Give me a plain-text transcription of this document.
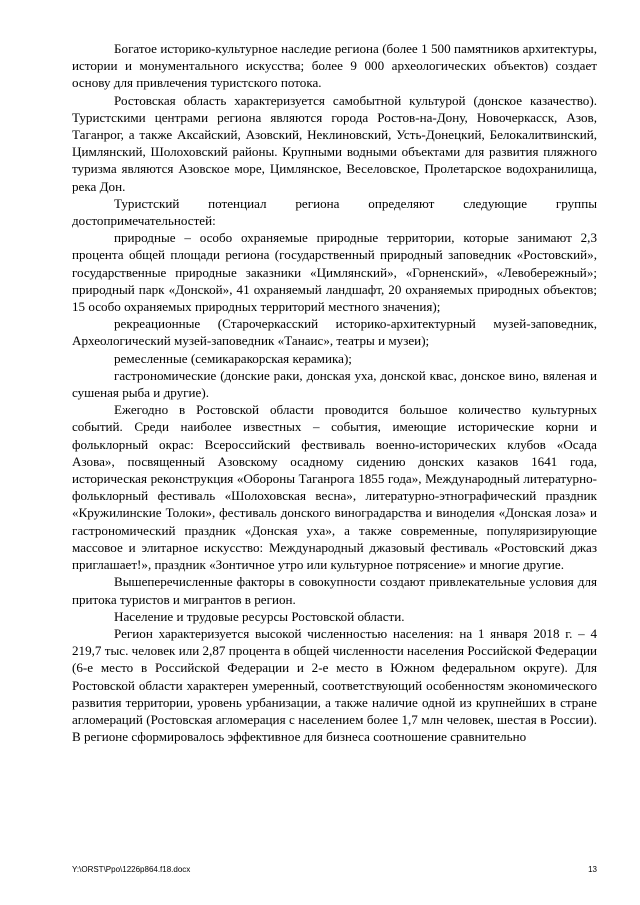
Богатое историко-культурное наследие региона (более 1 500 памятников архитектуры, истории и монументального искусства; более 9 000 археологических объектов) создает основу для привлечения туристского потока.

Ростовская область характеризуется самобытной культурой (донское казачество). Туристскими центрами региона являются города Ростов-на-Дону, Новочеркасск, Азов, Таганрог, а также Аксайский, Азовский, Неклиновский, Усть-Донецкий, Белокалитвинский, Цимлянский, Шолоховский районы. Крупными водными объектами для развития пляжного туризма являются Азовское море, Цимлянское, Веселовское, Пролетарское водохранилища, река Дон.

Туристский потенциал региона определяют следующие группы достопримечательностей:

природные – особо охраняемые природные территории, которые занимают 2,3 процента общей площади региона (государственный природный заповедник «Ростовский», государственные природные заказники «Цимлянский», «Горненский», «Левобережный»; природный парк «Донской», 41 охраняемый ландшафт, 20 охраняемых природных объектов; 15 особо охраняемых природных территорий местного значения);

рекреационные (Старочеркасский историко-архитектурный музей-заповедник, Археологический музей-заповедник «Танаис», театры и музеи);

ремесленные (семикаракорская керамика);

гастрономические (донские раки, донская уха, донской квас, донское вино, вяленая и сушеная рыба и другие).

Ежегодно в Ростовской области проводится большое количество культурных событий. Среди наиболее известных – события, имеющие исторические корни и фольклорный окрас: Всероссийский фествиваль военно-исторических клубов «Осада Азова», посвященный Азовскому осадному сидению донских казаков 1641 года, историческая реконструкция «Обороны Таганрога 1855 года», Международный литературно-фольклорный фестиваль «Шолоховская весна», литературно-этнографический праздник «Кружилинские Толоки», фестиваль донского виноградарства и виноделия «Донская лоза» и гастрономический праздник «Донская уха», а также современные, популяризирующие массовое и элитарное искусство: Международный джазовый фестиваль «Ростовский джаз приглашает!», праздник «Зонтичное утро или культурное потрясение» и многие другие.

Вышеперечисленные факторы в совокупности создают привлекательные условия для притока туристов и мигрантов в регион.

Население и трудовые ресурсы Ростовской области.

Регион характеризуется высокой численностью населения: на 1 января 2018 г. – 4 219,7 тыс. человек или 2,87 процента в общей численности населения Российской Федерации (6-е место в Российской Федерации и 2-е место в Южном федеральном округе). Для Ростовской области характерен умеренный, соответствующий особенностям экономического развития территории, уровень урбанизации, а также наличие одной из крупнейших в стране агломераций (Ростовская агломерация с населением более 1,7 млн человек, шестая в России). В регионе сформировалось эффективное для бизнеса соотношение сравнительно

Y:\ORST\Ppo\1226p864.f18.docx	13
